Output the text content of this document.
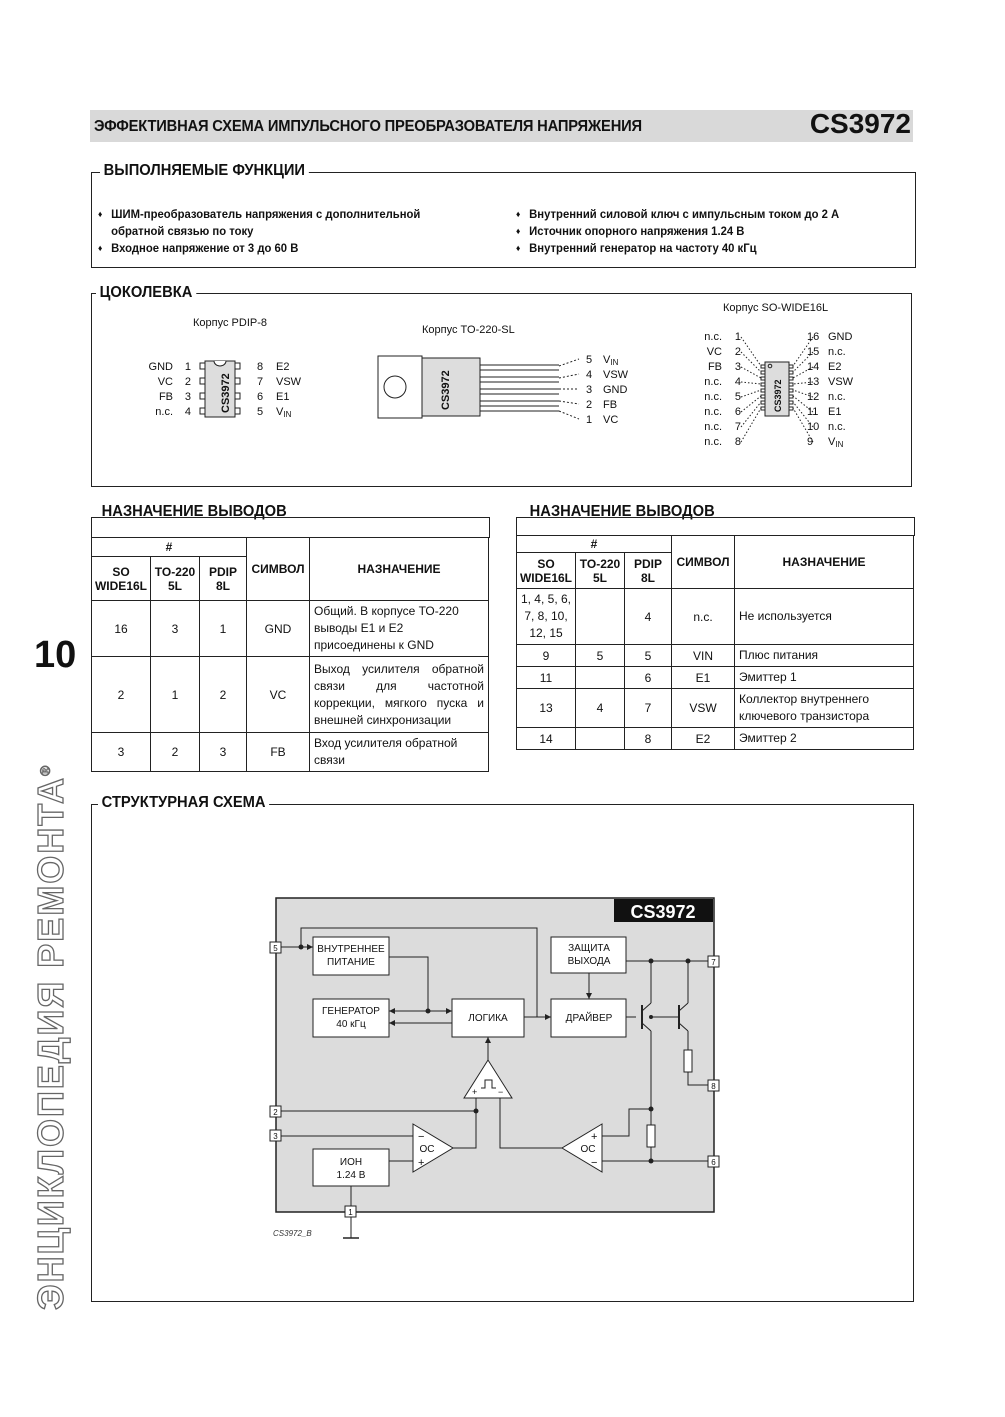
ЭФФЕКТИВНАЯ СХЕМА ИМПУЛЬСНОГО ПРЕОБРАЗОВАТЕЛЯ НАПРЯЖЕНИЯ	CS3972
10
ЭНЦИКЛОПЕДИЯ РЕМОНТА®
ВЫПОЛНЯЕМЫЕ ФУНКЦИИ
♦ ШИМ-преобразователь напряжения с дополнительной обратной связью по току
♦ Входное напряжение от 3 до 60 В
♦ Внутренний силовой ключ с импульсным током до 2 А
♦ Источник опорного напряжения 1.24 В
♦ Внутренний генератор на частоту 40 кГц
ЦОКОЛЕВКА
Корпус PDIP-8
CS3972
GND
VC
FB
n.c.
1
2
3
4
8
7
6
5
E2
VSW
E1
VIN
Корпус TO-220-SL
CS3972
5
4
3
2
1
VIN
VSW
GND
FB
VC
Корпус SO-WIDE16L
CS3972
n.c.
VC
FB
n.c.
n.c.
n.c.
n.c.
n.c.
1
2
3
4
5
6
7
8
16
15
14
13
12
11
10
9
GND
n.c.
E2
VSW
n.c.
E1
n.c.
VIN
НАЗНАЧЕНИЕ ВЫВОДОВ
#			СИМВОЛ	НАЗНАЧЕНИЕ
SO WIDE16L	TO-220 5L	PDIP 8L		
16	3	1	GND	Общий. В корпусе ТО-220 выводы Е1 и Е2 присоединены к GND
2	1	2	VC	Выход усилителя обратной связи для частотной коррекции, мягкого пуска и внешней синхронизации
3	2	3	FB	Вход усилителя обратной связи
НАЗНАЧЕНИЕ ВЫВОДОВ
#			СИМВОЛ	НАЗНАЧЕНИЕ
SO WIDE16L	TO-220 5L	PDIP 8L		
1, 4, 5, 6, 7, 8, 10, 12, 15		4	n.c.	Не используется
9	5	5	VIN	Плюс питания
11		6	E1	Эмиттер 1
13	4	7	VSW	Коллектор внутреннего ключевого транзистора
14		8	E2	Эмиттер 2
СТРУКТУРНАЯ СХЕМА
ВНУТРЕННЕЕ
ПИТАНИЕ
ГЕНЕРАТОР
40 кГц
ЛОГИКА	ДРАЙВЕР
ЗАЩИТА
ВЫХОДА
ИОН
1.24 В
ОС	ОС
5
2
3
1
7
8
6
−
+
+
−
+ −
CS3972
CS3972_B
